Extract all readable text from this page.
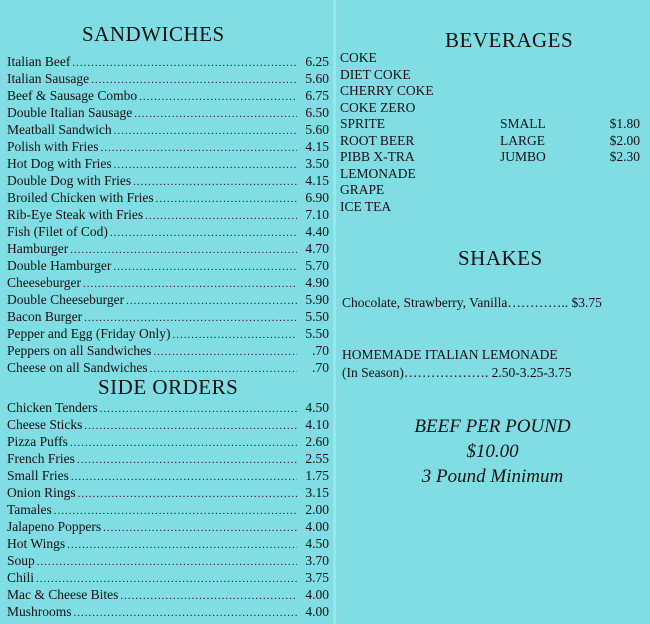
SANDWICHES
Italian Beef .....	6.25
Italian Sausage .....	5.60
Beef & Sausage Combo .....	6.75
Double Italian Sausage .....	6.50
Meatball Sandwich .....	5.60
Polish with Fries .....	4.15
Hot Dog with Fries .....	3.50
Double Dog with Fries .....	4.15
Broiled Chicken with Fries .....	6.90
Rib-Eye Steak with Fries .....	7.10
Fish (Filet of Cod) .....	4.40
Hamburger .....	4.70
Double Hamburger .....	5.70
Cheeseburger .....	4.90
Double Cheeseburger .....	5.90
Bacon Burger .....	5.50
Pepper and Egg (Friday Only) .....	5.50
Peppers on all Sandwiches .....	.70
Cheese on all Sandwiches .....	.70
SIDE ORDERS
Chicken Tenders .....	4.50
Cheese Sticks .....	4.10
Pizza Puffs .....	2.60
French Fries .....	2.55
Small Fries .....	1.75
Onion Rings .....	3.15
Tamales .....	2.00
Jalapeno Poppers .....	4.00
Hot Wings .....	4.50
Soup .....	3.70
Chili .....	3.75
Mac & Cheese Bites .....	4.00
Mushrooms .....	4.00
BEVERAGES
COKE
DIET COKE
CHERRY COKE
COKE ZERO
SPRITE
ROOT BEER
PIBB X-TRA
LEMONADE
GRAPE
ICE TEA
SMALL	$1.80
LARGE	$2.00
JUMBO	$2.30
SHAKES
Chocolate, Strawberry, Vanilla………….. $3.75
HOMEMADE ITALIAN LEMONADE
(In Season)………………. 2.50-3.25-3.75
BEEF PER POUND
$10.00
3 Pound Minimum
